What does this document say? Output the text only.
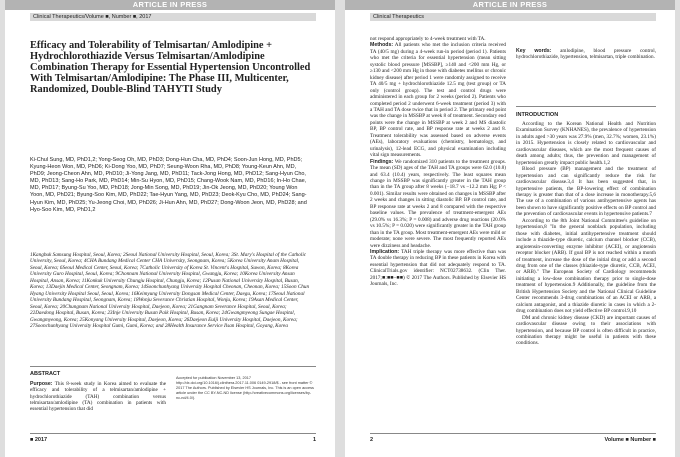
ARTICLE IN PRESS
Clinical Therapeutics/Volume ■, Number ■, 2017
Efficacy and Tolerability of Telmisartan/ Amlodipine + Hydrochlorothiazide Versus Telmisartan/Amlodipine Combination Therapy for Essential Hypertension Uncontrolled With Telmisartan/Amlodipine: The Phase III, Multicenter, Randomized, Double-Blind TAHYTI Study

Ki-Chul Sung, MD, PhD1,2; Yong-Seog Oh, MD, PhD3; Dong-Hun Cha, MD, PhD4; Soon-Jun Hong, MD, PhD5; Kyung-Heon Won, MD, PhD6; Ki-Dong Yoo, MD, PhD7; Seung-Woon Rha, MD, PhD8; Young-Keun Ahn, MD, PhD9; Jeong-Cheon Ahn, MD, PhD10; Ji-Yong Jang, MD, PhD11; Tack-Jong Hong, MD, PhD12; Sang-Hyun Cho, MD, PhD13; Sang-Ho Park, MD, PhD14; Min-Su Hyon, MD, PhD15; Chang-Wook Nam, MD, PhD16; In-Ho Chae, MD, PhD17; Byung-Su Yoo, MD, PhD18; Jong-Min Song, MD, PhD19; Jin-Ok Jeong, MD, PhD20; Young Won Yoon, MD, PhD21; Byung-Soo Kim, MD, PhD22; Tae-Hyun Yang, MD, PhD23; Deok-Kyu Cho, MD, PhD24; Sang-Hyun Kim, MD, PhD25; Yu-Jeong Choi, MD, PhD26; Ji-Hun Ahn, MD, PhD27; Dong-Woon Jeon, MD, PhD28; and Hyo-Soo Kim, MD, PhD1,2

1Kangbuk Samsung Hospital, Seoul, Korea; 2Seoul National University Hospital, Seoul, Korea; 3St. Mary's Hospital of the Catholic University, Seoul, Korea; 4CHA Bundang Medical Center CHA University, Seongnam, Korea; 5Korea University Anam Hospital, Seoul, Korea; 6Seoul Medical Center, Seoul, Korea; 7Catholic University of Korea St. Vincent's Hospital, Suwon, Korea; 8Korea University Guro Hospital, Seoul, Korea; 9Chonnam National University Hospital, Gwangju, Korea; 10Korea University Ansan Hospital, Ansan, Korea; 11Konkuk University Chungju Hospital, Chungju, Korea; 12Pusan National University Hospital, Busan, Korea; 13Daejin Medical Center, Seongnam, Korea; 14Soonchunhyang University Hospital Cheonan, Cheonan, Korea; 15Soon Chun Hyang University Hospital Seoul, Seoul, Korea; 16Keimyung University Dongsan Medical Center, Daegu, Korea; 17Seoul National University Bundang Hospital, Seongnam, Korea; 18Wonju Severance Christian Hospital, Wonju, Korea; 19Asan Medical Center, Seoul, Korea; 20Chungnam National University Hospital, Daejeon, Korea; 21Gangnam Severance Hospital, Seoul, Korea; 22Daedong Hospital, Busan, Korea; 23Inje University Busan Paik Hospital, Busan, Korea; 24Gwangmyeong Sungae Hospital, Gwangmyeong, Korea; 25Konyang University Hospital, Daejeon, Korea; 26Daejeon Eulji University Hospital, Daejeon, Korea; 27Soonchunhyang University Hospital Gumi, Gumi, Korea; and 28Health Insurance Service Ilsan Hospital, Goyang, Korea

ABSTRACT

Purpose: This 8-week study in Korea aimed to evaluate the efficacy and tolerability of a telmisartan/amlodipine + hydrochlorothiazide (TAH) combination versus telmisartan/amlodipine (TA) combination in patients with essential hypertension that did

Accepted for publication November 13, 2017 http://dx.doi.org/10.1016/j.clinthera.2017.11.006 0149-2918/$ - see front matter © 2017 The Authors. Published by Elsevier HS Journals, Inc. This is an open access article under the CC BY-NC-ND license (http://creativecommons.org/licenses/by-nc-nd/4.0/).

■ 2017	1
ARTICLE IN PRESS
Clinical Therapeutics

not respond appropriately to 4-week treatment with TA.

Methods: All patients who met the inclusion criteria received TA (40/5 mg) during a 4-week run-in period (period 1). Patients who met the criteria for essential hypertension (mean sitting systolic blood pressure [MSSBP], ≥140 and <200 mm Hg, or ≥130 and <200 mm Hg in those with diabetes mellitus or chronic kidney disease) after period 1 were randomly assigned to receive TA 40/5 mg + hydrochlorothiazide 12.5 mg (test group) or TA only (control group). The test and control drugs were administered in each group for 2 weeks (period 2). Patients who completed period 2 underwent 6-week treatment (period 3) with a TAH and TA dose twice that in period 2. The primary end point was the change in MSSBP at week 8 of treatment. Secondary end points were the change in MSSBP at week 2 and MS diastolic BP, BP control rate, and BP response rate at weeks 2 and 8. Treatment tolerability was assessed based on adverse events (AEs), laboratory evaluations (chemistry, hematology, and urinalysis), 12-lead ECG, and physical examination including vital sign measurements.

Findings: We randomized 310 patients to the treatment groups. The mean (SD) ages of the TAH and TA groups were 62.0 (10.8) and 63.4 (10.4) years, respectively. The least squares mean change in MSSBP was significantly greater in the TAH group than in the TA group after 8 weeks (−18.7 vs −12.2 mm Hg; P < 0.001). Similar results were obtained on changes in MSSBP after 2 weeks and changes in sitting diastolic BP. BP control rate, and BP response rate at weeks 2 and 8 compared with the respective baseline values. The prevalence of treatment-emergent AEs (29.0% vs 16.3%; P = 0.008) and adverse drug reactions (20.0% vs 10.5%; P = 0.020) were significantly greater in the TAH group than in the TA group. Most treatment-emergent AEs were mild or moderate; none were severe. The most frequently reported AEs were dizziness and headache.

Implication: TAH triple therapy was more effective than was TA double therapy in reducing BP in these patients in Korea with essential hypertension that did not adequately respond to TA. ClinicalTrials.gov identifier: NCT02738632. (Clin Ther. 2017;■:■■–■■) © 2017 The Authors. Published by Elsevier HS Journals, Inc.

Key words: amlodipine, blood pressure control, hydrochlorothiazide, hypertension, telmisartan, triple combination.

INTRODUCTION

According to the Korean National Health and Nutrition Examination Survey (KNHANES), the prevalence of hypertension in adults aged >30 years was 27.9% (men, 32.7%; women, 23.1%) in 2015. Hypertension is closely related to cardiovascular and cardiovascular diseases, which are the most frequent causes of death among adults; thus, the prevention and management of hypertension greatly impact public health.1,2

Blood pressure (BP) management and the treatment of hypertension and can significantly reduce the risk for cardiovascular disease.3,4 It has been suggested that, in hypertensive patients, the BP-lowering effect of combination therapy is greater than that of a dose increase in monotherapy.5,6 The use of a combination of various antihypertensive agents has been shown to have significantly positive effects on BP control and the prevention of cardiovascular events in hypertensive patients.7

According to the 8th Joint National Committee's guideline on hypertension,8 "In the general nonblack population, including those with diabetes, initial antihypertensive treatment should include a thiazide-type diuretic, calcium channel blocker (CCB), angiotensin-converting enzyme inhibitor (ACEI), or angiotensin receptor blocker (ARB). If goal BP is not reached within a month of treatment, increase the dose of the initial drug or add a second drug from one of the classes (thiazide-type diuretic, CCB, ACEI, or ARB)." The European Society of Cardiology recommends initiating a low-dose combination therapy prior to single-dose treatment of hypertension.9 Additionally, the guideline from the British Hypertension Society and the National Clinical Guideline Center recommends 3-drug combinations of an ACEI or ARB, a calcium antagonist, and a thiazide diuretic in cases in which a 2-drug combination does not yield effective BP control.9,10

DM and chronic kidney disease (CKD) are important causes of cardiovascular disease owing to their associations with hypertension, and because BP control is often difficult in practice, combination therapy might be useful in patients with these conditions.

2	Volume ■ Number ■
